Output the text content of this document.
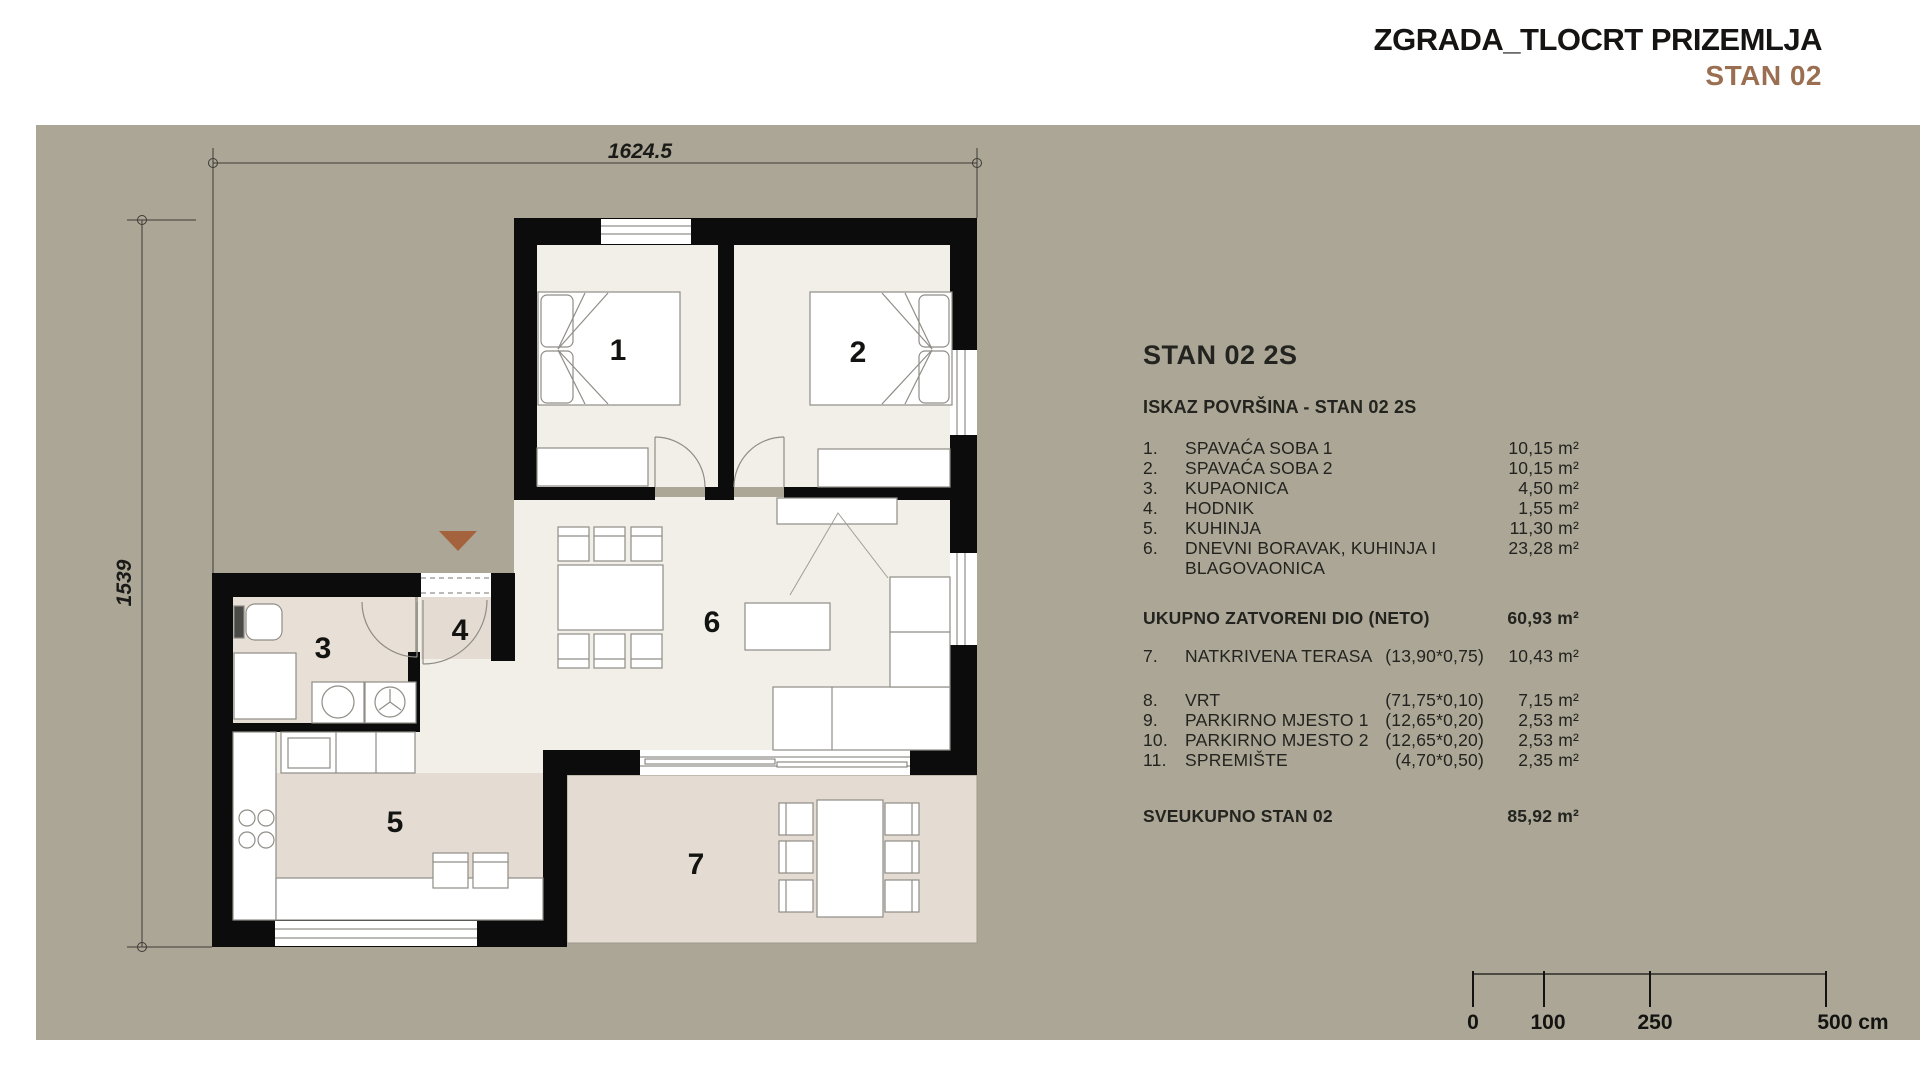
1624.5
1539
1	2
3
4
5
6
7
0 100	250	500 cm
ZGRADA_TLOCRT PRIZEMLJA
STAN 02
STAN 02 2S
ISKAZ POVRŠINA - STAN 02 2S
1.	SPAVAĆA SOBA 1	10,15 m²
2.	SPAVAĆA SOBA 2	10,15 m²
3.	KUPAONICA	4,50 m²
4.	HODNIK	1,55 m²
5.	KUHINJA	11,30 m²
6.	DNEVNI BORAVAK, KUHINJA I	23,28 m²
BLAGOVAONICA
UKUPNO ZATVORENI DIO (NETO)	60,93 m²
7.	NATKRIVENA TERASA (13,90*0,75)	10,43 m²
8.	VRT	(71,75*0,10)	7,15 m²
9.	PARKIRNO MJESTO 1 (12,65*0,20)	2,53 m²
10. PARKIRNO MJESTO 2 (12,65*0,20)	2,53 m²
11.	SPREMIŠTE	(4,70*0,50)	2,35 m²
SVEUKUPNO STAN 02	85,92 m²
